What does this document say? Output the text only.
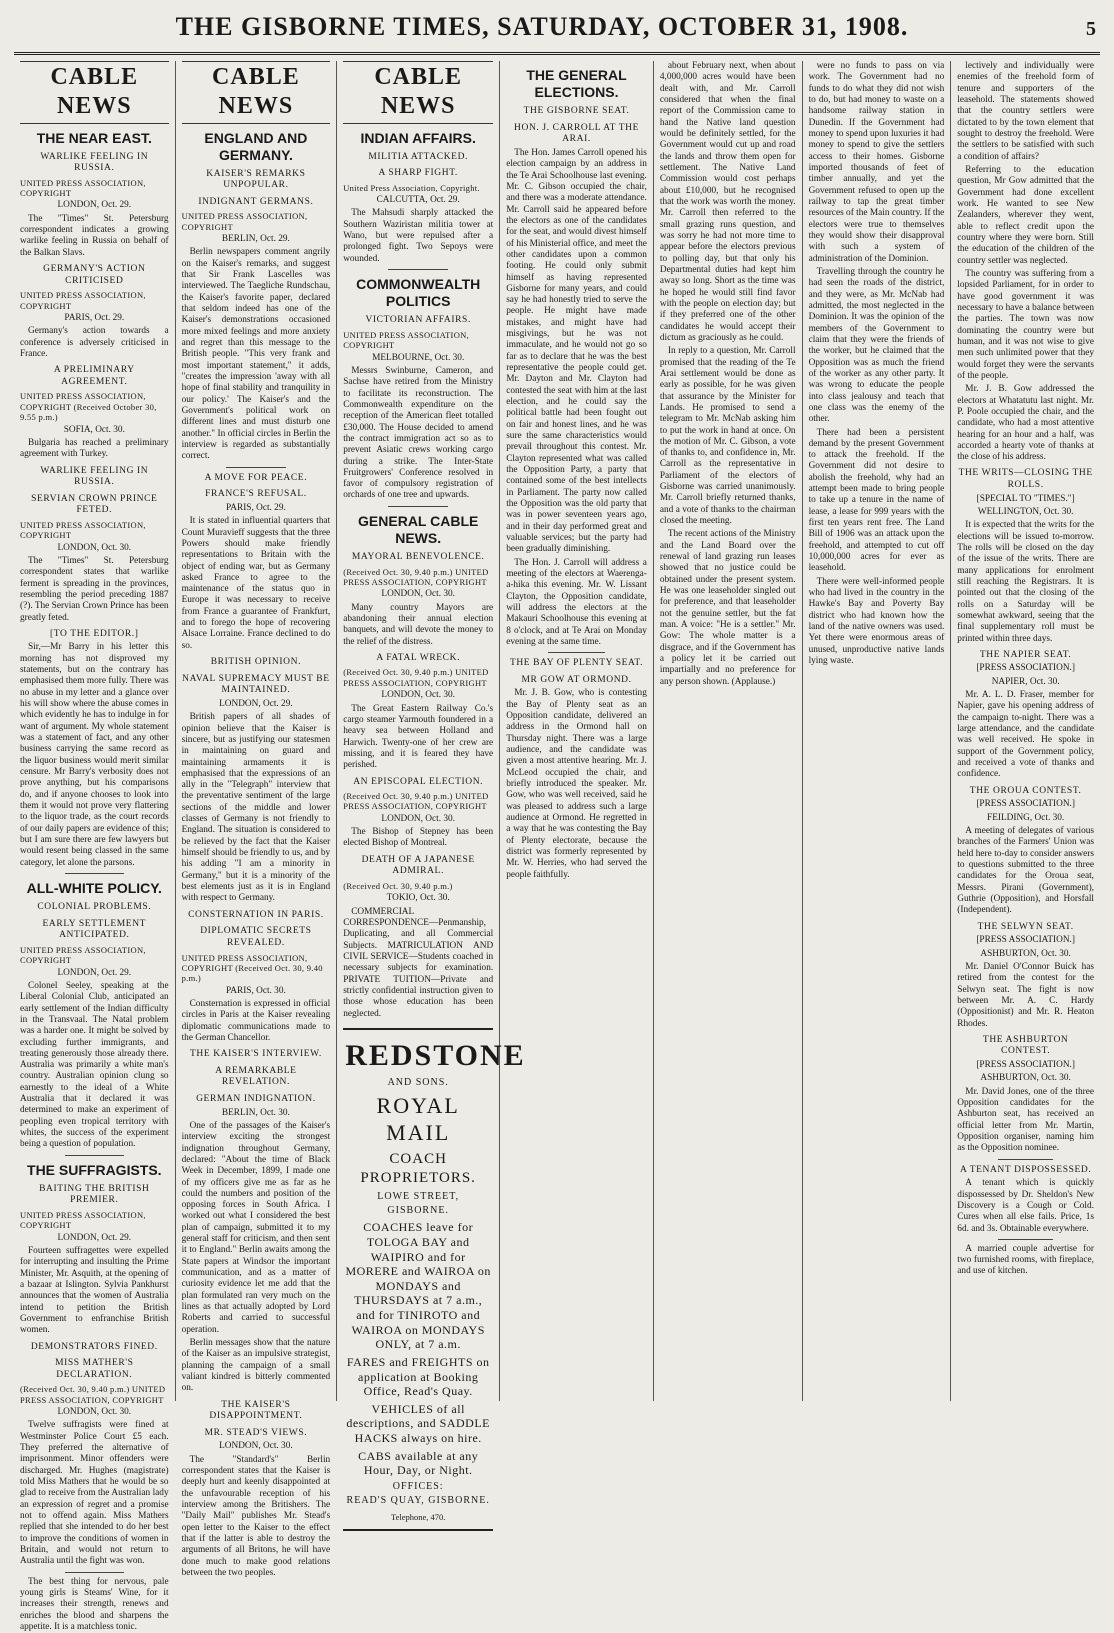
THE GISBORNE TIMES, SATURDAY, OCTOBER 31, 1908.	5
CABLE NEWS
THE NEAR EAST.
WARLIKE FEELING IN RUSSIA.
UNITED PRESS ASSOCIATION, COPYRIGHT
LONDON, Oct. 29.

The "Times" St. Petersburg correspondent indicates a growing warlike feeling in Russia on behalf of the Balkan Slavs.

GERMANY'S ACTION CRITICISED
UNITED PRESS ASSOCIATION, COPYRIGHT
PARIS, Oct. 29.

Germany's action towards a conference is adversely criticised in France.

A PRELIMINARY AGREEMENT.
UNITED PRESS ASSOCIATION, COPYRIGHT (Received October 30, 9.55 p.m.)
SOFIA, Oct. 30.

Bulgaria has reached a preliminary agreement with Turkey.

WARLIKE FEELING IN RUSSIA.
SERVIAN CROWN PRINCE FETED.
UNITED PRESS ASSOCIATION, COPYRIGHT
LONDON, Oct. 30.

The "Times" St. Petersburg correspondent states that warlike ferment is spreading in the provinces, resembling the period preceding 1887 (?). The Servian Crown Prince has been greatly feted.

[TO THE EDITOR.]

Sir,—Mr Barry in his letter this morning has not disproved my statements, but on the contrary has emphasised them more fully. There was no abuse in my letter and a glance over his will show where the abuse comes in which evidently he has to indulge in for want of argument. My whole statement was a statement of fact, and any other business carrying the same record as the liquor business would merit similar censure. Mr Barry's verbosity does not prove anything, but his comparisons do, and if anyone chooses to look into them it would not prove very flattering to the liquor trade, as the court records of our daily papers are evidence of this; but I am sure there are few lawyers but would resent being classed in the same category, let alone the parsons.

ALL-WHITE POLICY.
COLONIAL PROBLEMS.
EARLY SETTLEMENT ANTICIPATED.
UNITED PRESS ASSOCIATION, COPYRIGHT
LONDON, Oct. 29.

Colonel Seeley, speaking at the Liberal Colonial Club, anticipated an early settlement of the Indian difficulty in the Transvaal. The Natal problem was a harder one. It might be solved by excluding further immigrants, and treating generously those already there. Australia was primarily a white man's country. Australian opinion clung so earnestly to the ideal of a White Australia that it declared it was determined to make an experiment of peopling even tropical territory with whites, the success of the experiment being a question of population.

THE SUFFRAGISTS.
BAITING THE BRITISH PREMIER.
UNITED PRESS ASSOCIATION, COPYRIGHT
LONDON, Oct. 29.

Fourteen suffragettes were expelled for interrupting and insulting the Prime Minister, Mr. Asquith, at the opening of a bazaar at Islington. Sylvia Pankhurst announces that the women of Australia intend to petition the British Government to enfranchise British women.

DEMONSTRATORS FINED.
MISS MATHER'S DECLARATION.
(Received Oct. 30, 9.40 p.m.) UNITED PRESS ASSOCIATION, COPYRIGHT
LONDON, Oct. 30.

Twelve suffragists were fined at Westminster Police Court £5 each. They preferred the alternative of imprisonment. Minor offenders were discharged. Mr. Hughes (magistrate) told Miss Mathers that he would be so glad to receive from the Australian lady an expression of regret and a promise not to offend again. Miss Mathers replied that she intended to do her best to improve the conditions of women in Britain, and would not return to Australia until the fight was won.

The best thing for nervous, pale young girls is Steams' Wine, for it increases their strength, renews and enriches the blood and sharpens the appetite. It is a matchless tonic.

CABLE NEWS
ENGLAND AND GERMANY.
KAISER'S REMARKS UNPOPULAR.
INDIGNANT GERMANS.
UNITED PRESS ASSOCIATION, COPYRIGHT
BERLIN, Oct. 29.

Berlin newspapers comment angrily on the Kaiser's remarks, and suggest that Sir Frank Lascelles was interviewed. The Taegliche Rundschau, the Kaiser's favorite paper, declared that seldom indeed has one of the Kaiser's demonstrations occasioned more mixed feelings and more anxiety and regret than this message to the British people. "This very frank and most important statement," it adds, "creates the impression 'away with all hope of final stability and tranquility in our policy.' The Kaiser's and the Government's political work on different lines and must disturb one another." In official circles in Berlin the interview is regarded as substantially correct.

A MOVE FOR PEACE.
FRANCE'S REFUSAL.
PARIS, Oct. 29.

It is stated in influential quarters that Count Muravieff suggests that the three Powers should make friendly representations to Britain with the object of ending war, but as Germany asked France to agree to the maintenance of the status quo in Europe it was necessary to receive from France a guarantee of Frankfurt, and to forego the hope of recovering Alsace Lorraine. France declined to do so.

BRITISH OPINION.
NAVAL SUPREMACY MUST BE MAINTAINED.
LONDON, Oct. 29.

British papers of all shades of opinion believe that the Kaiser is sincere, but as justifying our statesmen in maintaining on guard and maintaining armaments it is emphasised that the expressions of an ally in the "Telegraph" interview that the preventative sentiment of the large sections of the middle and lower classes of Germany is not friendly to England. The situation is considered to be relieved by the fact that the Kaiser himself should be friendly to us, and by his adding "I am a minority in Germany," but it is a minority of the best elements just as it is in England with respect to Germany.

CONSTERNATION IN PARIS.
DIPLOMATIC SECRETS REVEALED.
UNITED PRESS ASSOCIATION, COPYRIGHT (Received Oct. 30, 9.40 p.m.)
PARIS, Oct. 30.

Consternation is expressed in official circles in Paris at the Kaiser revealing diplomatic communications made to the German Chancellor.

THE KAISER'S INTERVIEW.
A REMARKABLE REVELATION.
GERMAN INDIGNATION.
BERLIN, Oct. 30.

One of the passages of the Kaiser's interview exciting the strongest indignation throughout Germany, declared: "About the time of Black Week in December, 1899, I made one of my officers give me as far as he could the numbers and position of the opposing forces in South Africa. I worked out what I considered the best plan of campaign, submitted it to my general staff for criticism, and then sent it to England." Berlin awaits among the State papers at Windsor the important communication, and as a matter of curiosity evidence let me add that the plan formulated ran very much on the lines as that actually adopted by Lord Roberts and carried to successful operation.

Berlin messages show that the nature of the Kaiser as an impulsive strategist, planning the campaign of a small valiant kindred is bitterly commented on.

THE KAISER'S DISAPPOINTMENT.
MR. STEAD'S VIEWS.
LONDON, Oct. 30.

The "Standard's" Berlin correspondent states that the Kaiser is deeply hurt and keenly disappointed at the unfavourable reception of his interview among the Britishers. The "Daily Mail" publishes Mr. Stead's open letter to the Kaiser to the effect that if the latter is able to destroy the arguments of all Britons, he will have done much to make good relations between the two peoples.

CABLE NEWS
INDIAN AFFAIRS.
MILITIA ATTACKED.
A SHARP FIGHT.
United Press Association, Copyright.
CALCUTTA, Oct. 29.

The Mahsudi sharply attacked the Southern Waziristan militia tower at Wano, but were repulsed after a prolonged fight. Two Sepoys were wounded.

COMMONWEALTH POLITICS
VICTORIAN AFFAIRS.
UNITED PRESS ASSOCIATION, COPYRIGHT
MELBOURNE, Oct. 30.

Messrs Swinburne, Cameron, and Sachse have retired from the Ministry to facilitate its reconstruction. The Commonwealth expenditure on the reception of the American fleet totalled £30,000. The House decided to amend the contract immigration act so as to prevent Asiatic crews working cargo during a strike. The Inter-State Fruitgrowers' Conference resolved in favor of compulsory registration of orchards of one tree and upwards.

GENERAL CABLE NEWS.
MAYORAL BENEVOLENCE.
(Received Oct. 30, 9.40 p.m.) UNITED PRESS ASSOCIATION, COPYRIGHT
LONDON, Oct. 30.

Many country Mayors are abandoning their annual election banquets, and will devote the money to the relief of the distress.

A FATAL WRECK.
(Received Oct. 30, 9.40 p.m.) UNITED PRESS ASSOCIATION, COPYRIGHT
LONDON, Oct. 30.

The Great Eastern Railway Co.'s cargo steamer Yarmouth foundered in a heavy sea between Holland and Harwich. Twenty-one of her crew are missing, and it is feared they have perished.

AN EPISCOPAL ELECTION.
(Received Oct. 30, 9.40 p.m.) UNITED PRESS ASSOCIATION, COPYRIGHT
LONDON, Oct. 30.

The Bishop of Stepney has been elected Bishop of Montreal.

DEATH OF A JAPANESE ADMIRAL.
(Received Oct. 30, 9.40 p.m.)
TOKIO, Oct. 30.

COMMERCIAL CORRESPONDENCE—Penmanship, Duplicating, and all Commercial Subjects. MATRICULATION AND CIVIL SERVICE—Students coached in necessary subjects for examination. PRIVATE TUITION—Private and strictly confidential instruction given to those whose education has been neglected.

REDSTONE
AND SONS.
ROYAL MAIL
COACH PROPRIETORS.
LOWE STREET,
GISBORNE.

COACHES leave for TOLOGA BAY and WAIPIRO and for MORERE and WAIROA on MONDAYS and THURSDAYS at 7 a.m., and for TINIROTO and WAIROA on MONDAYS ONLY, at 7 a.m.

FARES and FREIGHTS on application at Booking Office, Read's Quay.

VEHICLES of all descriptions, and SADDLE HACKS always on hire.

CABS available at any Hour, Day, or Night.

OFFICES:
READ'S QUAY, GISBORNE.
Telephone, 470.
THE GENERAL ELECTIONS.
THE GISBORNE SEAT.
HON. J. CARROLL AT THE ARAI.

The Hon. James Carroll opened his election campaign by an address in the Te Arai Schoolhouse last evening. Mr. C. Gibson occupied the chair, and there was a moderate attendance. Mr. Carroll said he appeared before the electors as one of the candidates for the seat, and would divest himself of his Ministerial office, and meet the other candidates upon a common footing. He could only submit himself as having represented Gisborne for many years, and could say he had honestly tried to serve the people. He might have made mistakes, and might have had misgivings, but he was not immaculate, and he would not go so far as to declare that he was the best representative the people could get. Mr. Dayton and Mr. Clayton had contested the seat with him at the last election, and he could say the political battle had been fought out on fair and honest lines, and he was sure the same characteristics would prevail throughout this contest. Mr. Clayton represented what was called the Opposition Party, a party that contained some of the best intellects in Parliament. The party now called the Opposition was the old party that was in power seventeen years ago, and in their day performed great and valuable services; but the party had been gradually diminishing.

The Hon. J. Carroll will address a meeting of the electors at Waerenga-a-hika this evening. Mr. W. Lissant Clayton, the Opposition candidate, will address the electors at the Makauri Schoolhouse this evening at 8 o'clock, and at Te Arai on Monday evening at the same time.

THE BAY OF PLENTY SEAT.
MR GOW AT ORMOND.

Mr. J. B. Gow, who is contesting the Bay of Plenty seat as an Opposition candidate, delivered an address in the Ormond hall on Thursday night. There was a large audience, and the candidate was given a most attentive hearing. Mr. J. McLeod occupied the chair, and briefly introduced the speaker. Mr. Gow, who was well received, said he was pleased to address such a large audience at Ormond. He regretted in a way that he was contesting the Bay of Plenty electorate, because the district was formerly represented by Mr. W. Herries, who had served the people faithfully.

about February next, when about 4,000,000 acres would have been dealt with, and Mr. Carroll considered that when the final report of the Commission came to hand the Native land question would be definitely settled, for the Government would cut up and road the lands and throw them open for settlement. The Native Land Commission would cost perhaps about £10,000, but he recognised that the work was worth the money. Mr. Carroll then referred to the small grazing runs question, and was sorry he had not more time to appear before the electors previous to polling day, but that only his Departmental duties had kept him away so long. Short as the time was he hoped he would still find favor with the people on election day; but if they preferred one of the other candidates he would accept their dictum as graciously as he could.

In reply to a question, Mr. Carroll promised that the reading of the Te Arai settlement would be done as early as possible, for he was given that assurance by the Minister for Lands. He promised to send a telegram to Mr. McNab asking him to put the work in hand at once. On the motion of Mr. C. Gibson, a vote of thanks to, and confidence in, Mr. Carroll as the representative in Parliament of the electors of Gisborne was carried unanimously. Mr. Carroll briefly returned thanks, and a vote of thanks to the chairman closed the meeting.

The recent actions of the Ministry and the Land Board over the renewal of land grazing run leases showed that no justice could be obtained under the present system. He was one leaseholder singled out for preference, and that leaseholder not the genuine settler, but the fat man. A voice: "He is a settler." Mr. Gow: The whole matter is a disgrace, and if the Government has a policy let it be carried out impartially and no preference for any person shown. (Applause.)

were no funds to pass on via work. The Government had no funds to do what they did not wish to do, but had money to waste on a handsome railway station in Dunedin. If the Government had money to spend upon luxuries it had money to spend to give the settlers access to their homes. Gisborne imported thousands of feet of timber annually, and yet the Government refused to open up the railway to tap the great timber resources of the Main country. If the electors were true to themselves they would show their disapproval with such a system of administration of the Dominion.

Travelling through the country he had seen the roads of the district, and they were, as Mr. McNab had admitted, the most neglected in the Dominion. It was the opinion of the members of the Government to claim that they were the friends of the worker, but he claimed that the Opposition was as much the friend of the worker as any other party. It was wrong to educate the people into class jealousy and teach that one class was the enemy of the other.

There had been a persistent demand by the present Government to attack the freehold. If the Government did not desire to abolish the freehold, why had an attempt been made to bring people to take up a tenure in the name of lease, a lease for 999 years with the first ten years rent free. The Land Bill of 1906 was an attack upon the freehold, and attempted to cut off 10,000,000 acres for ever as leasehold.

There were well-informed people who had lived in the country in the Hawke's Bay and Poverty Bay district who had known how the land of the native owners was used. Yet there were enormous areas of unused, unproductive native lands lying waste.

lectively and individually were enemies of the freehold form of tenure and supporters of the leasehold. The statements showed that the country settlers were dictated to by the town element that sought to destroy the freehold. Were the settlers to be satisfied with such a condition of affairs?

Referring to the education question, Mr Gow admitted that the Government had done excellent work. He wanted to see New Zealanders, wherever they went, able to reflect credit upon the country where they were born. Still the education of the children of the country settler was neglected.

The country was suffering from a lopsided Parliament, for in order to have good government it was necessary to have a balance between the parties. The town was now dominating the country were but human, and it was not wise to give men such unlimited power that they would forget they were the servants of the people.

Mr. J. B. Gow addressed the electors at Whatatutu last night. Mr. P. Poole occupied the chair, and the candidate, who had a most attentive hearing for an hour and a half, was accorded a hearty vote of thanks at the close of his address.

THE WRITS—CLOSING THE ROLLS.
[SPECIAL TO "TIMES."]
WELLINGTON, Oct. 30.

It is expected that the writs for the elections will be issued to-morrow. The rolls will be closed on the day of the issue of the writs. There are many applications for enrolment still reaching the Registrars. It is pointed out that the closing of the rolls on a Saturday will be somewhat awkward, seeing that the final supplementary roll must be printed within three days.

THE NAPIER SEAT.
[PRESS ASSOCIATION.]
NAPIER, Oct. 30.

Mr. A. L. D. Fraser, member for Napier, gave his opening address of the campaign to-night. There was a large attendance, and the candidate was well received. He spoke in support of the Government policy, and received a vote of thanks and confidence.

THE OROUA CONTEST.
[PRESS ASSOCIATION.]
FEILDING, Oct. 30.

A meeting of delegates of various branches of the Farmers' Union was held here to-day to consider answers to questions submitted to the three candidates for the Oroua seat, Messrs. Pirani (Government), Guthrie (Opposition), and Horsfall (Independent).

THE SELWYN SEAT.
[PRESS ASSOCIATION.]
ASHBURTON, Oct. 30.

Mr. Daniel O'Connor Buick has retired from the contest for the Selwyn seat. The fight is now between Mr. A. C. Hardy (Oppositionist) and Mr. R. Heaton Rhodes.

THE ASHBURTON CONTEST.
[PRESS ASSOCIATION.]
ASHBURTON, Oct. 30.

Mr. David Jones, one of the three Opposition candidates for the Ashburton seat, has received an official letter from Mr. Martin, Opposition organiser, naming him as the Opposition nominee.

A TENANT DISPOSSESSED.

A tenant which is quickly dispossessed by Dr. Sheldon's New Discovery is a Cough or Cold. Cures when all else fails. Price, 1s 6d. and 3s. Obtainable everywhere.

A married couple advertise for two furnished rooms, with fireplace, and use of kitchen.
